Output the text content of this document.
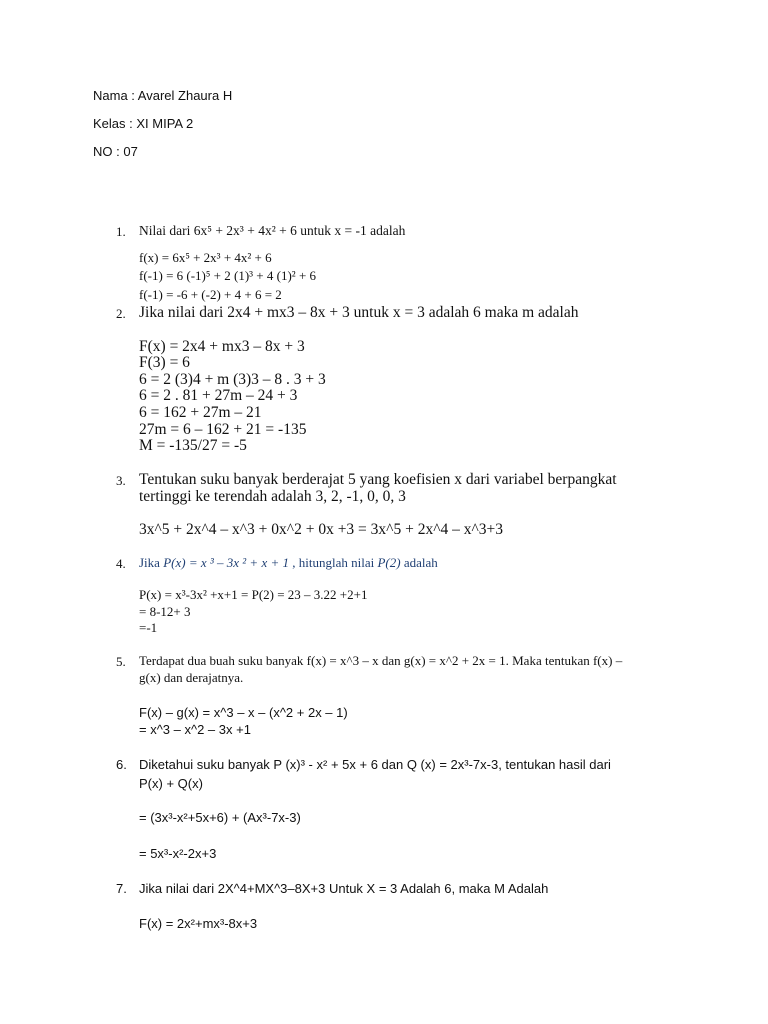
Nama : Avarel Zhaura H
Kelas : XI MIPA 2
NO : 07
1. Nilai dari 6x⁵ + 2x³ + 4x² + 6 untuk x = -1 adalah
f(x) = 6x⁵ + 2x³ + 4x² + 6
f(-1) = 6 (-1)⁵ + 2 (1)³ + 4 (1)² + 6
f(-1) = -6 + (-2) + 4 + 6 = 2
2. Jika nilai dari 2x4 + mx3 – 8x + 3 untuk x = 3 adalah 6 maka m adalah
F(x) = 2x4 + mx3 – 8x + 3
F(3) = 6
6 = 2 (3)4 + m (3)3 – 8 . 3 + 3
6 = 2 . 81 + 27m – 24 + 3
6 = 162 + 27m – 21
27m = 6 – 162 + 21 = -135
M = -135/27 = -5
3. Tentukan suku banyak berderajat 5 yang koefisien x dari variabel berpangkat
tertinggi ke terendah adalah 3, 2, -1, 0, 0, 3
3x^5 + 2x^4 – x^3 + 0x^2 + 0x +3 = 3x^5 + 2x^4 – x^3+3
4. Jika P(x) = x ³ – 3x ² + x + 1 , hitunglah nilai P(2) adalah
P(x) = x³-3x² +x+1 = P(2) = 23 – 3.22 +2+1
= 8-12+ 3
=-1
5. Terdapat dua buah suku banyak f(x) = x^3 – x dan g(x) = x^2 + 2x = 1. Maka tentukan f(x) –
g(x) dan derajatnya.
F(x) – g(x) = x^3 – x – (x^2 + 2x – 1)
= x^3 – x^2 – 3x +1
6. Diketahui suku banyak P (x)³ - x² + 5x + 6 dan Q (x) = 2x³-7x-3, tentukan hasil dari
P(x) + Q(x)
= (3x³-x²+5x+6) + (Ax³-7x-3)
= 5x³-x²-2x+3
7. Jika nilai dari 2X^4+MX^3–8X+3 Untuk X = 3 Adalah 6, maka M Adalah
F(x) = 2x²+mx³-8x+3
